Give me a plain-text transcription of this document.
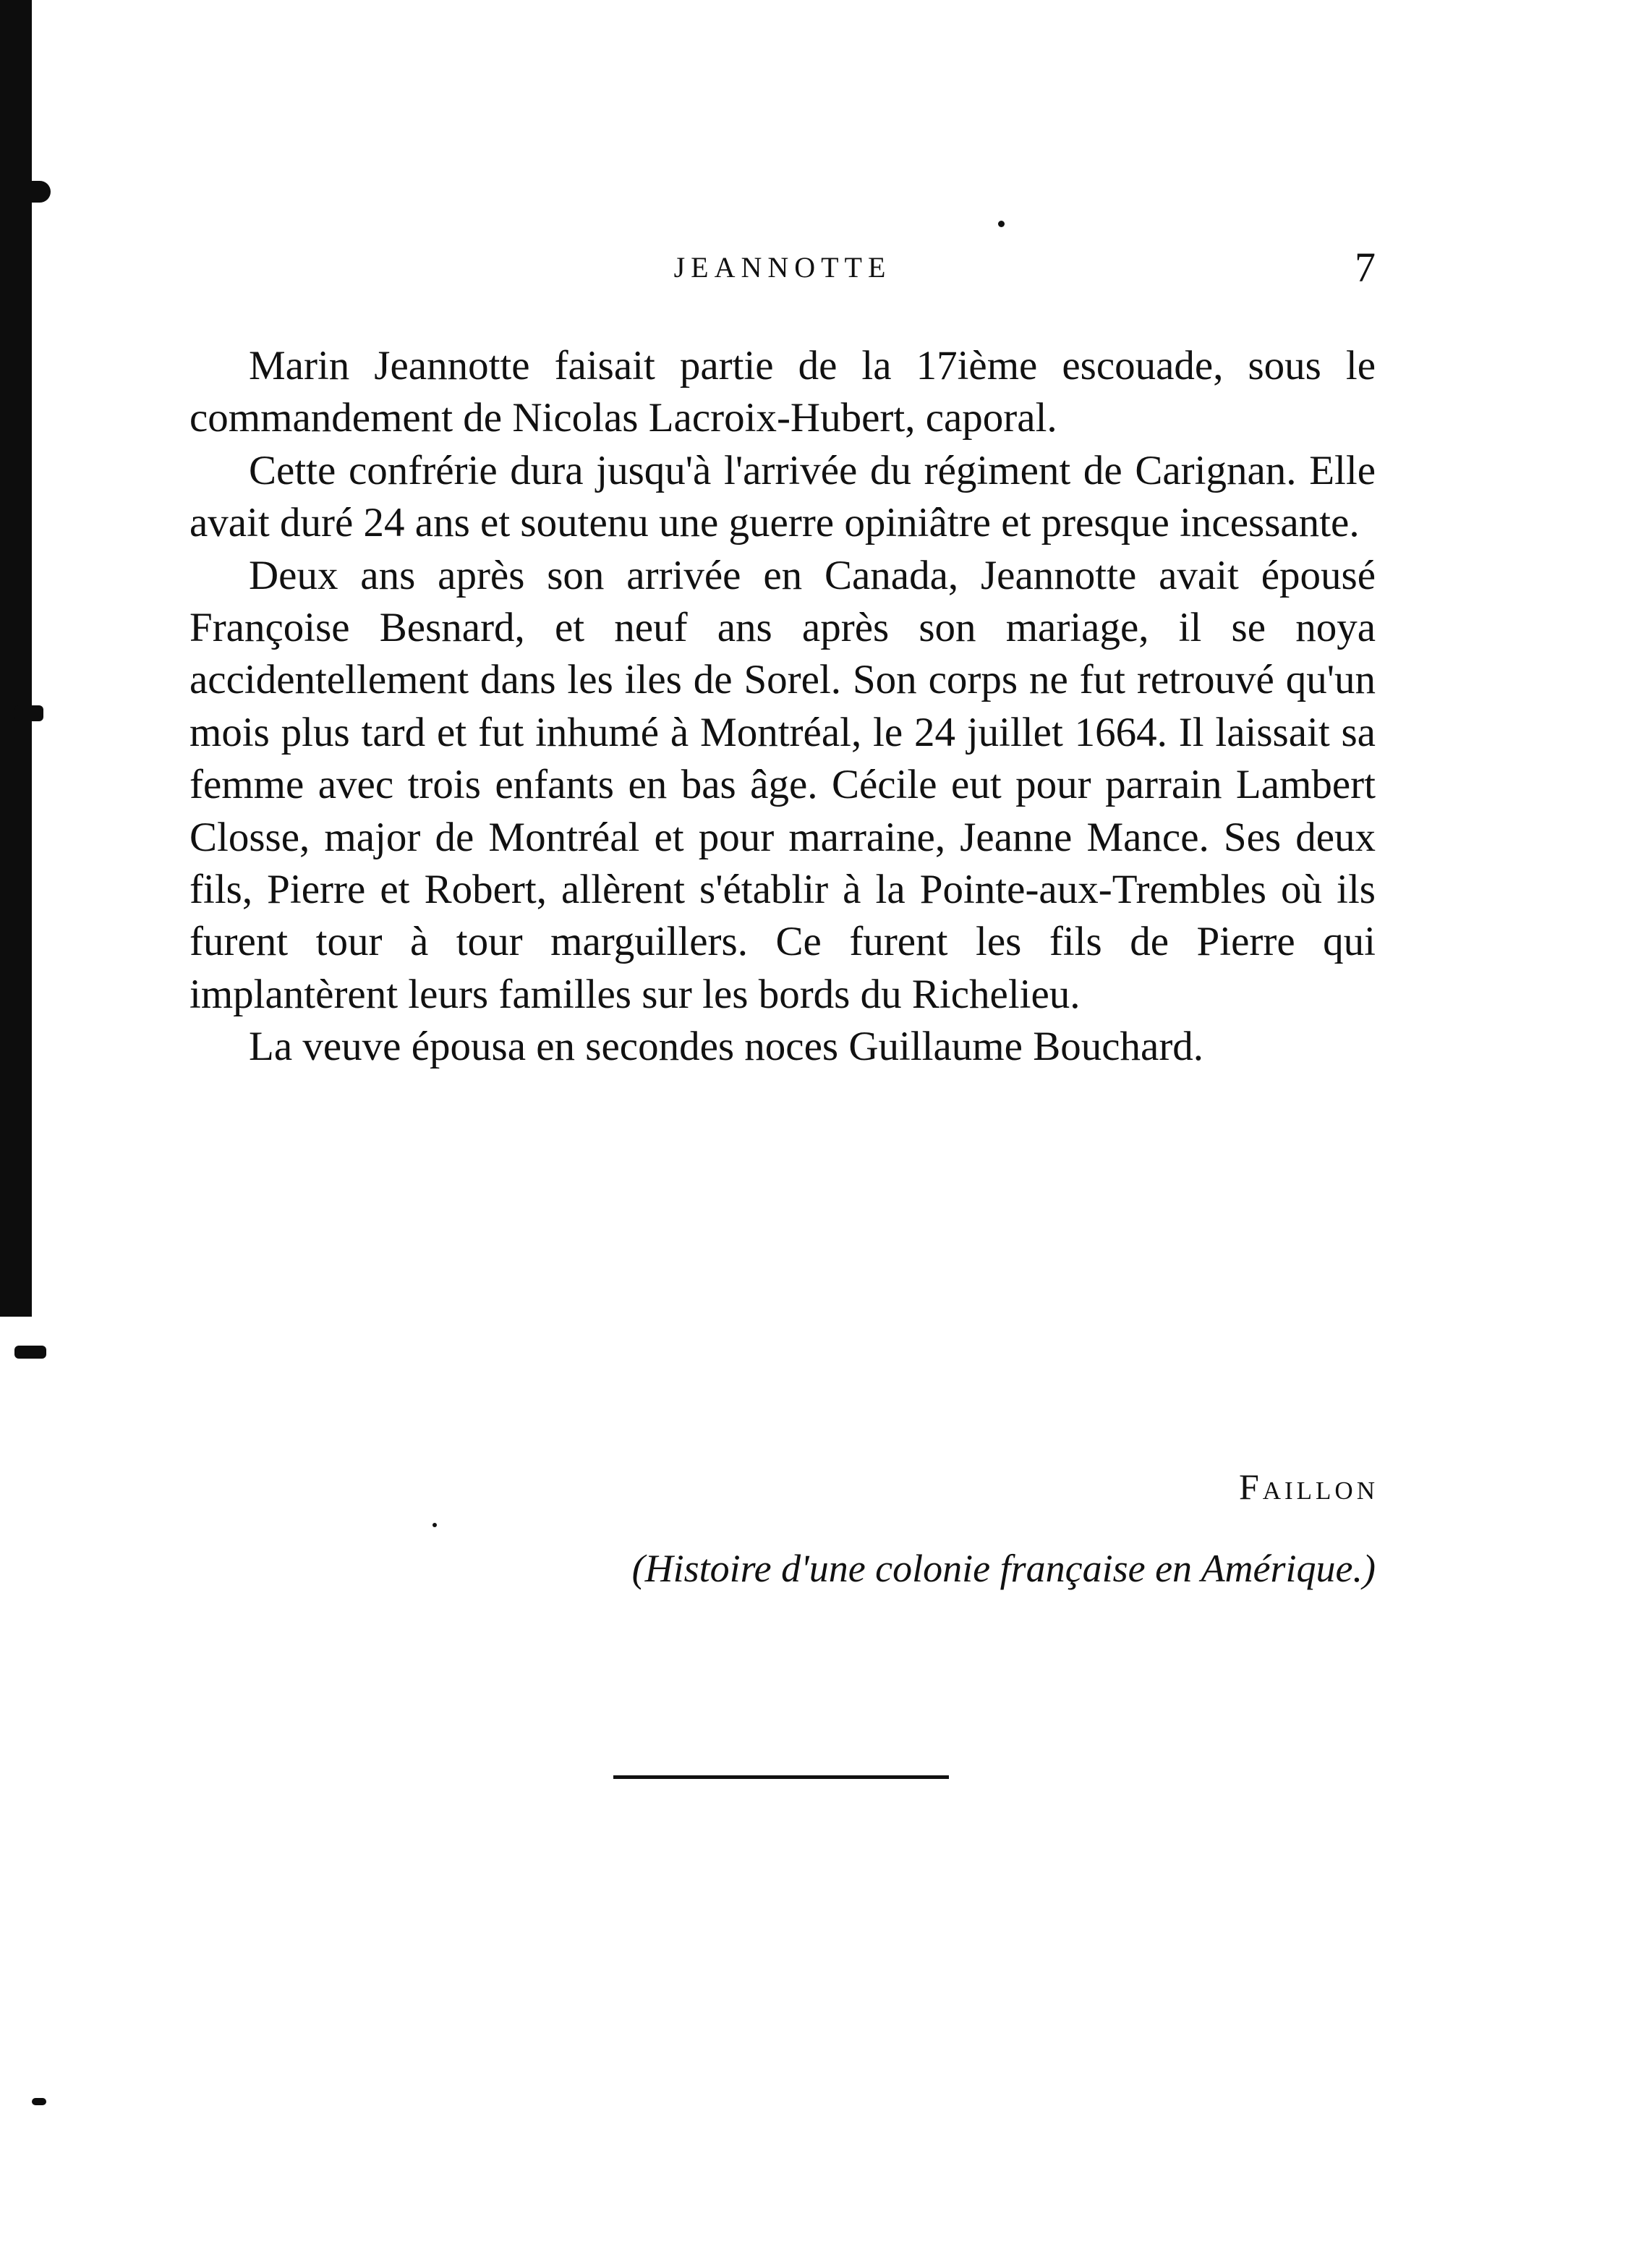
JEANNOTTE	7

Marin Jeannotte faisait partie de la 17ième escouade, sous le commandement de Nicolas Lacroix-Hubert, caporal.

Cette confrérie dura jusqu'à l'arrivée du régiment de Carignan. Elle avait duré 24 ans et soutenu une guerre opiniâtre et presque incessante.

Deux ans après son arrivée en Canada, Jeannotte avait épousé Françoise Besnard, et neuf ans après son mariage, il se noya accidentellement dans les iles de Sorel. Son corps ne fut retrouvé qu'un mois plus tard et fut inhumé à Montréal, le 24 juillet 1664. Il laissait sa femme avec trois enfants en bas âge. Cécile eut pour parrain Lambert Closse, major de Montréal et pour marraine, Jeanne Mance. Ses deux fils, Pierre et Robert, allèrent s'établir à la Pointe-aux-Trembles où ils furent tour à tour marguillers. Ce furent les fils de Pierre qui implantèrent leurs familles sur les bords du Richelieu.

La veuve épousa en secondes noces Guillaume Bouchard.

Faillon
(Histoire d'une colonie française en Amérique.)
